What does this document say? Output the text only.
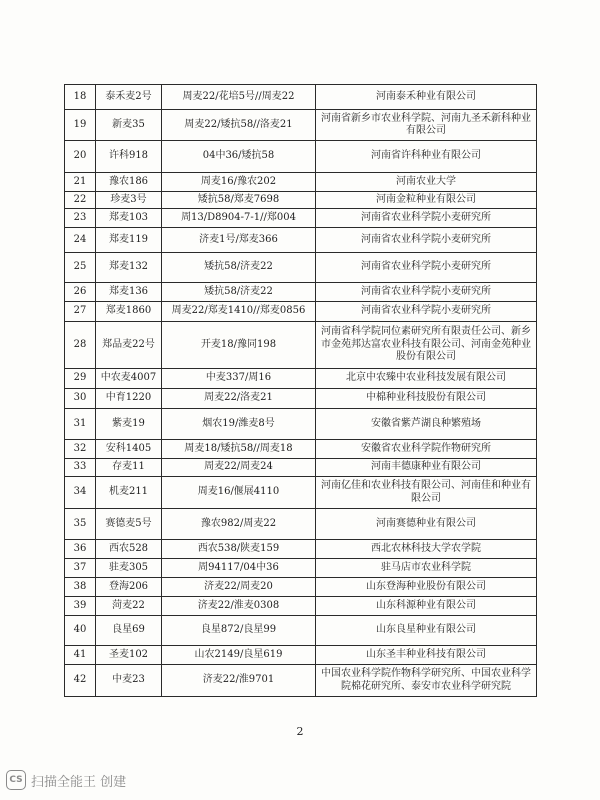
18	泰禾麦2号	周麦22/花培5号//周麦22	河南泰禾种业有限公司
19	新麦35	周麦22/矮抗58//洛麦21	河南省新乡市农业科学院、河南九圣禾新科种业有限公司
20	许科918	04中36/矮抗58	河南省许科种业有限公司
21	豫农186	周麦16/豫农202	河南农业大学
22	珍麦3号	矮抗58/郑麦7698	河南金粒种业有限公司
23	郑麦103	周13/D8904-7-1//郑004	河南省农业科学院小麦研究所
24	郑麦119	济麦1号/郑麦366	河南省农业科学院小麦研究所
25	郑麦132	矮抗58/济麦22	河南省农业科学院小麦研究所
26	郑麦136	矮抗58/济麦22	河南省农业科学院小麦研究所
27	郑麦1860	周麦22/郑麦1410//郑麦0856	河南省农业科学院小麦研究所
28	郑品麦22号	开麦18/豫同198	河南省科学院同位素研究所有限责任公司、新乡市金苑邦达富农业科技有限公司、河南金苑种业股份有限公司
29	中农麦4007	中麦337/周16	北京中农臻中农业科技发展有限公司
30	中育1220	周麦22/洛麦21	中棉种业科技股份有限公司
31	紫麦19	烟农19/潍麦8号	安徽省紫芦湖良种繁殖场
32	安科1405	周麦18/矮抗58//周麦18	安徽省农业科学院作物研究所
33	存麦11	周麦22/周麦24	河南丰德康种业有限公司
34	机麦211	周麦16/偃展4110	河南亿佳和农业科技有限公司、河南佳和种业有限公司
35	赛德麦5号	豫农982/周麦22	河南赛德种业有限公司
36	西农528	西农538/陕麦159	西北农林科技大学农学院
37	驻麦305	周94117/04中36	驻马店市农业科学院
38	登海206	济麦22/周麦20	山东登海种业股份有限公司
39	菏麦22	济麦22/淮麦0308	山东科源种业有限公司
40	良星69	良星872/良星99	山东良星种业有限公司
41	圣麦102	山农2149/良星619	山东圣丰种业科技有限公司
42	中麦23	济麦22/淮9701	中国农业科学院作物科学研究所、中国农业科学院棉花研究所、泰安市农业科学研究院
2
CS 扫描全能王 创建
